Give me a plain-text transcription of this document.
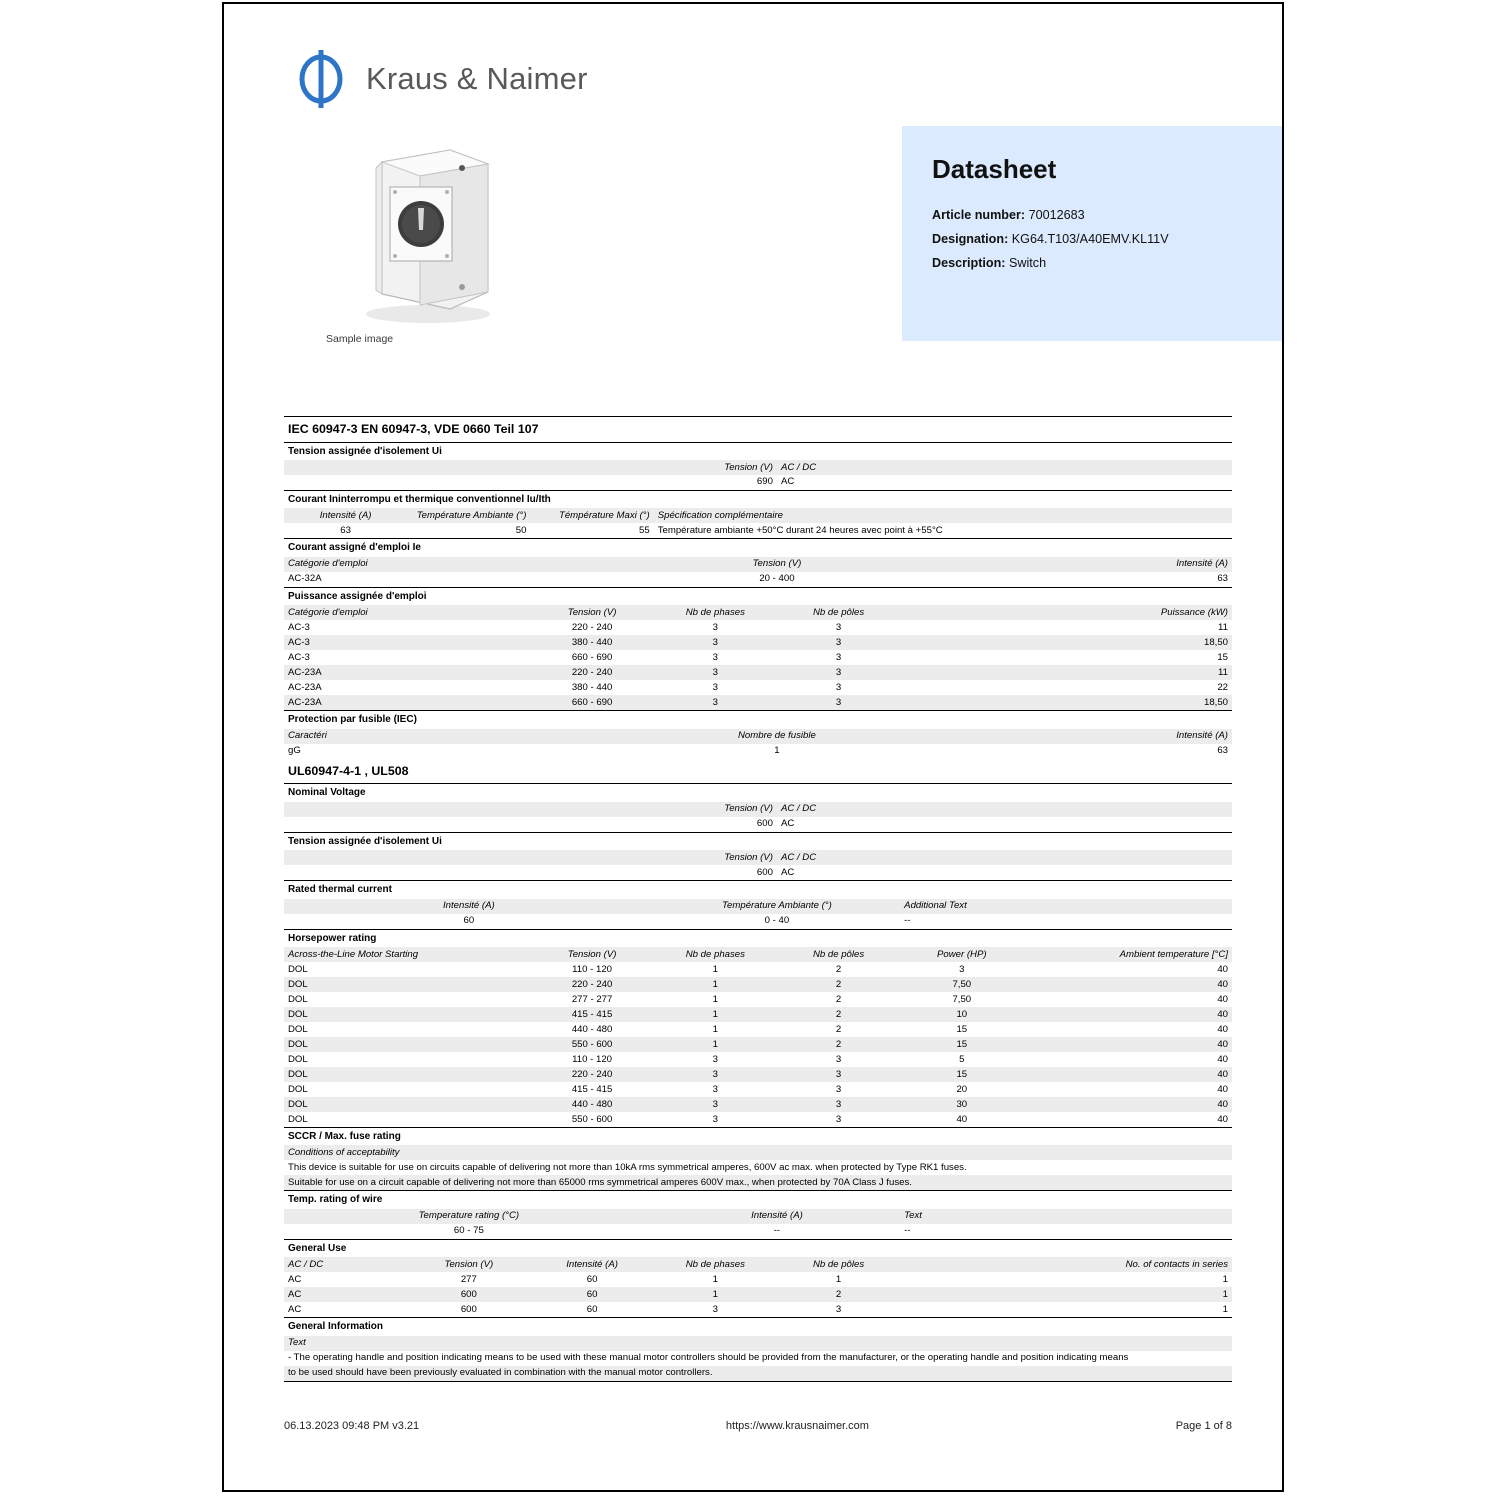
Kraus & Naimer
Sample image
Datasheet
Article number: 70012683
Designation: KG64.T103/A40EMV.KL11V
Description: Switch
IEC 60947-3 EN 60947-3, VDE 0660 Teil 107						
Tension assignée d'isolement Ui						
			Tension (V)	AC / DC		
			690	AC		
Courant Ininterrompu et thermique conventionnel Iu/Ith						
Intensité (A)	Température Ambiante (°)	Témpérature Maxi (°)	Spécification complémentaire			
63	50	55	Température ambiante +50°C durant 24 heures avec point à +55°C			
Courant assigné d'emploi Ie						
Catégorie d'emploi			Tension (V)		Intensité (A)	
AC-32A			20 - 400		63	
Puissance assignée d'emploi						
Catégorie d'emploi		Tension (V)	Nb de phases	Nb de pôles	Puissance (kW)	
AC-3		220 - 240	3	3	11	
AC-3		380 - 440	3	3	18,50	
AC-3		660 - 690	3	3	15	
AC-23A		220 - 240	3	3	11	
AC-23A		380 - 440	3	3	22	
AC-23A		660 - 690	3	3	18,50	
Protection par fusible (IEC)						
Caractéri			Nombre de fusible		Intensité (A)	
gG			1		63	
UL60947-4-1 , UL508						
Nominal Voltage						
			Tension (V)	AC / DC		
			600	AC		
Tension assignée d'isolement Ui						
			Tension (V)	AC / DC		
			600	AC		
Rated thermal current						
Intensité (A)			Température Ambiante (°)		Additional Text	
60			0 - 40		--	
Horsepower rating						
Across-the-Line Motor Starting		Tension (V)	Nb de phases	Nb de pôles	Power (HP)	Ambient temperature [°C]
DOL		110 - 120	1	2	3	40
DOL		220 - 240	1	2	7,50	40
DOL		277 - 277	1	2	7,50	40
DOL		415 - 415	1	2	10	40
DOL		440 - 480	1	2	15	40
DOL		550 - 600	1	2	15	40
DOL		110 - 120	3	3	5	40
DOL		220 - 240	3	3	15	40
DOL		415 - 415	3	3	20	40
DOL		440 - 480	3	3	30	40
DOL		550 - 600	3	3	40	40
SCCR / Max. fuse rating						
Conditions of acceptability						
This device is suitable for use on circuits capable of delivering not more than 10kA rms symmetrical amperes, 600V ac max. when protected by Type RK1 fuses.						
Suitable for use on a circuit capable of delivering not more than 65000 rms symmetrical amperes 600V max., when protected by 70A Class J fuses.						
Temp. rating of wire						
Temperature rating (°C)			Intensité (A)		Text	
60 - 75			--		--	
General Use						
AC / DC	Tension (V)	Intensité (A)	Nb de phases	Nb de pôles	No. of contacts in series	
AC	277	60	1	1	1	
AC	600	60	1	2	1	
AC	600	60	3	3	1	
General Information						
Text						
- The operating handle and position indicating means to be used with these manual motor controllers should be provided from the manufacturer, or the operating handle and position indicating means						
to be used should have been previously evaluated in combination with the manual motor controllers.						
06.13.2023 09:48 PM v3.21	https://www.krausnaimer.com	Page 1 of 8
